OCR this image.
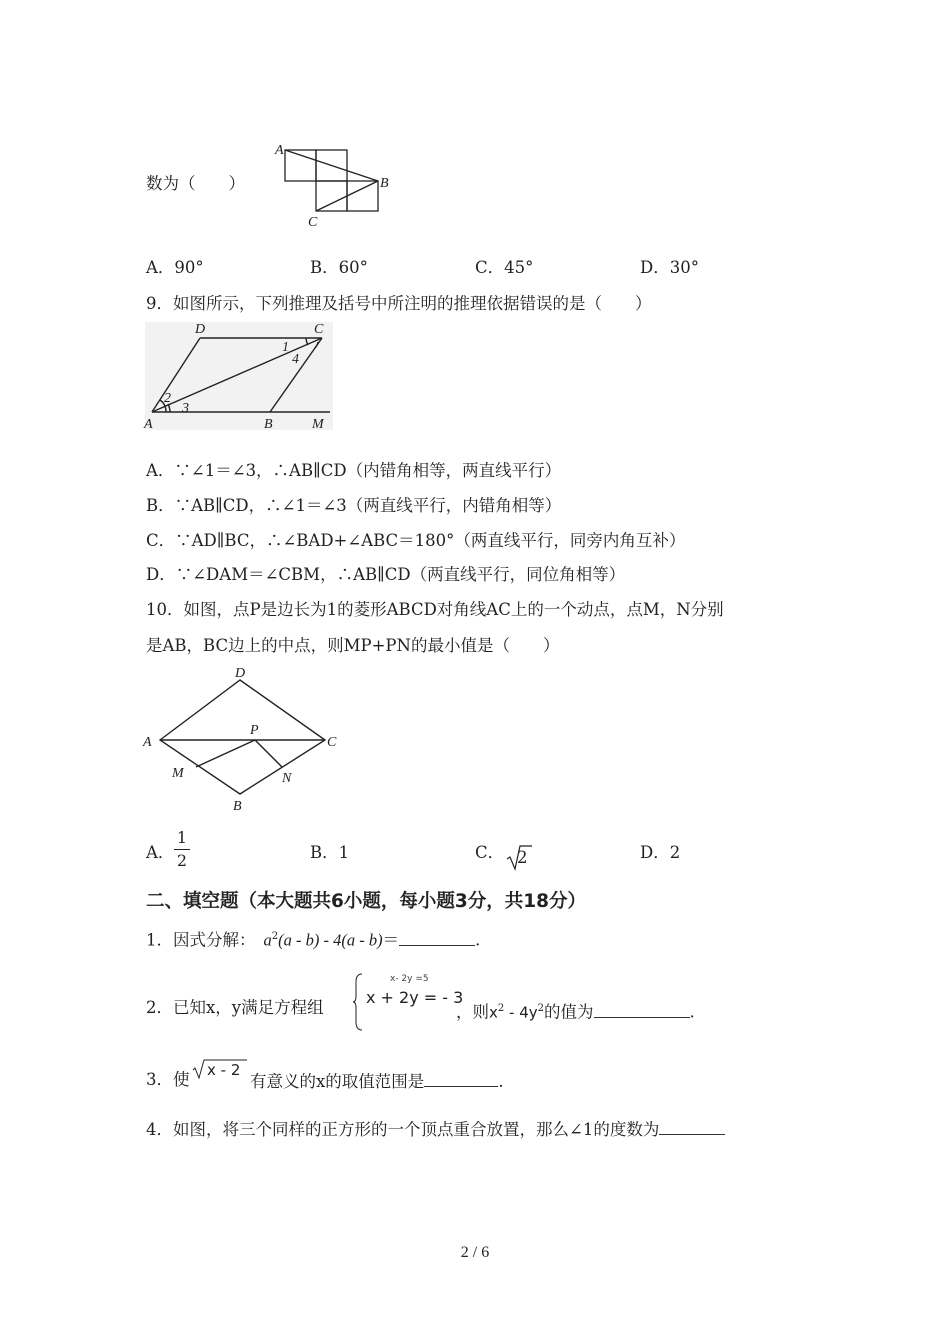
数为（　　）
A
B
C
A．90°	B．60°	C．45°	D．30°
9．如图所示，下列推理及括号中所注明的推理依据错误的是（　　）
D	C
A	B	M
1
2
3
4
A．∵∠1＝∠3，∴AB∥CD（内错角相等，两直线平行）
B．∵AB∥CD，∴∠1＝∠3（两直线平行，内错角相等）
C．∵AD∥BC，∴∠BAD+∠ABC＝180°（两直线平行，同旁内角互补）
D．∵∠DAM＝∠CBM，∴AB∥CD（两直线平行，同位角相等）
10．如图，点P是边长为1的菱形ABCD对角线AC上的一个动点，点M，N分别
是AB，BC边上的中点，则MP+PN的最小值是（　　）
D
A	C
P
M	N
B
A．
1
2	B．1	C． 2	D．2
二、填空题（本大题共6小题，每小题3分，共18分）
1．因式分解： $a^2(a - b) - 4(a - b)=$	.
2．已知x，y满足方程组
x- 2y =5
x + 2y = - 3
，则$x^2 - 4y^2$的值为	.
3．使 x - 2
有意义的x的取值范围是	.
4．如图，将三个同样的正方形的一个顶点重合放置，那么∠1的度数为
2 / 6
